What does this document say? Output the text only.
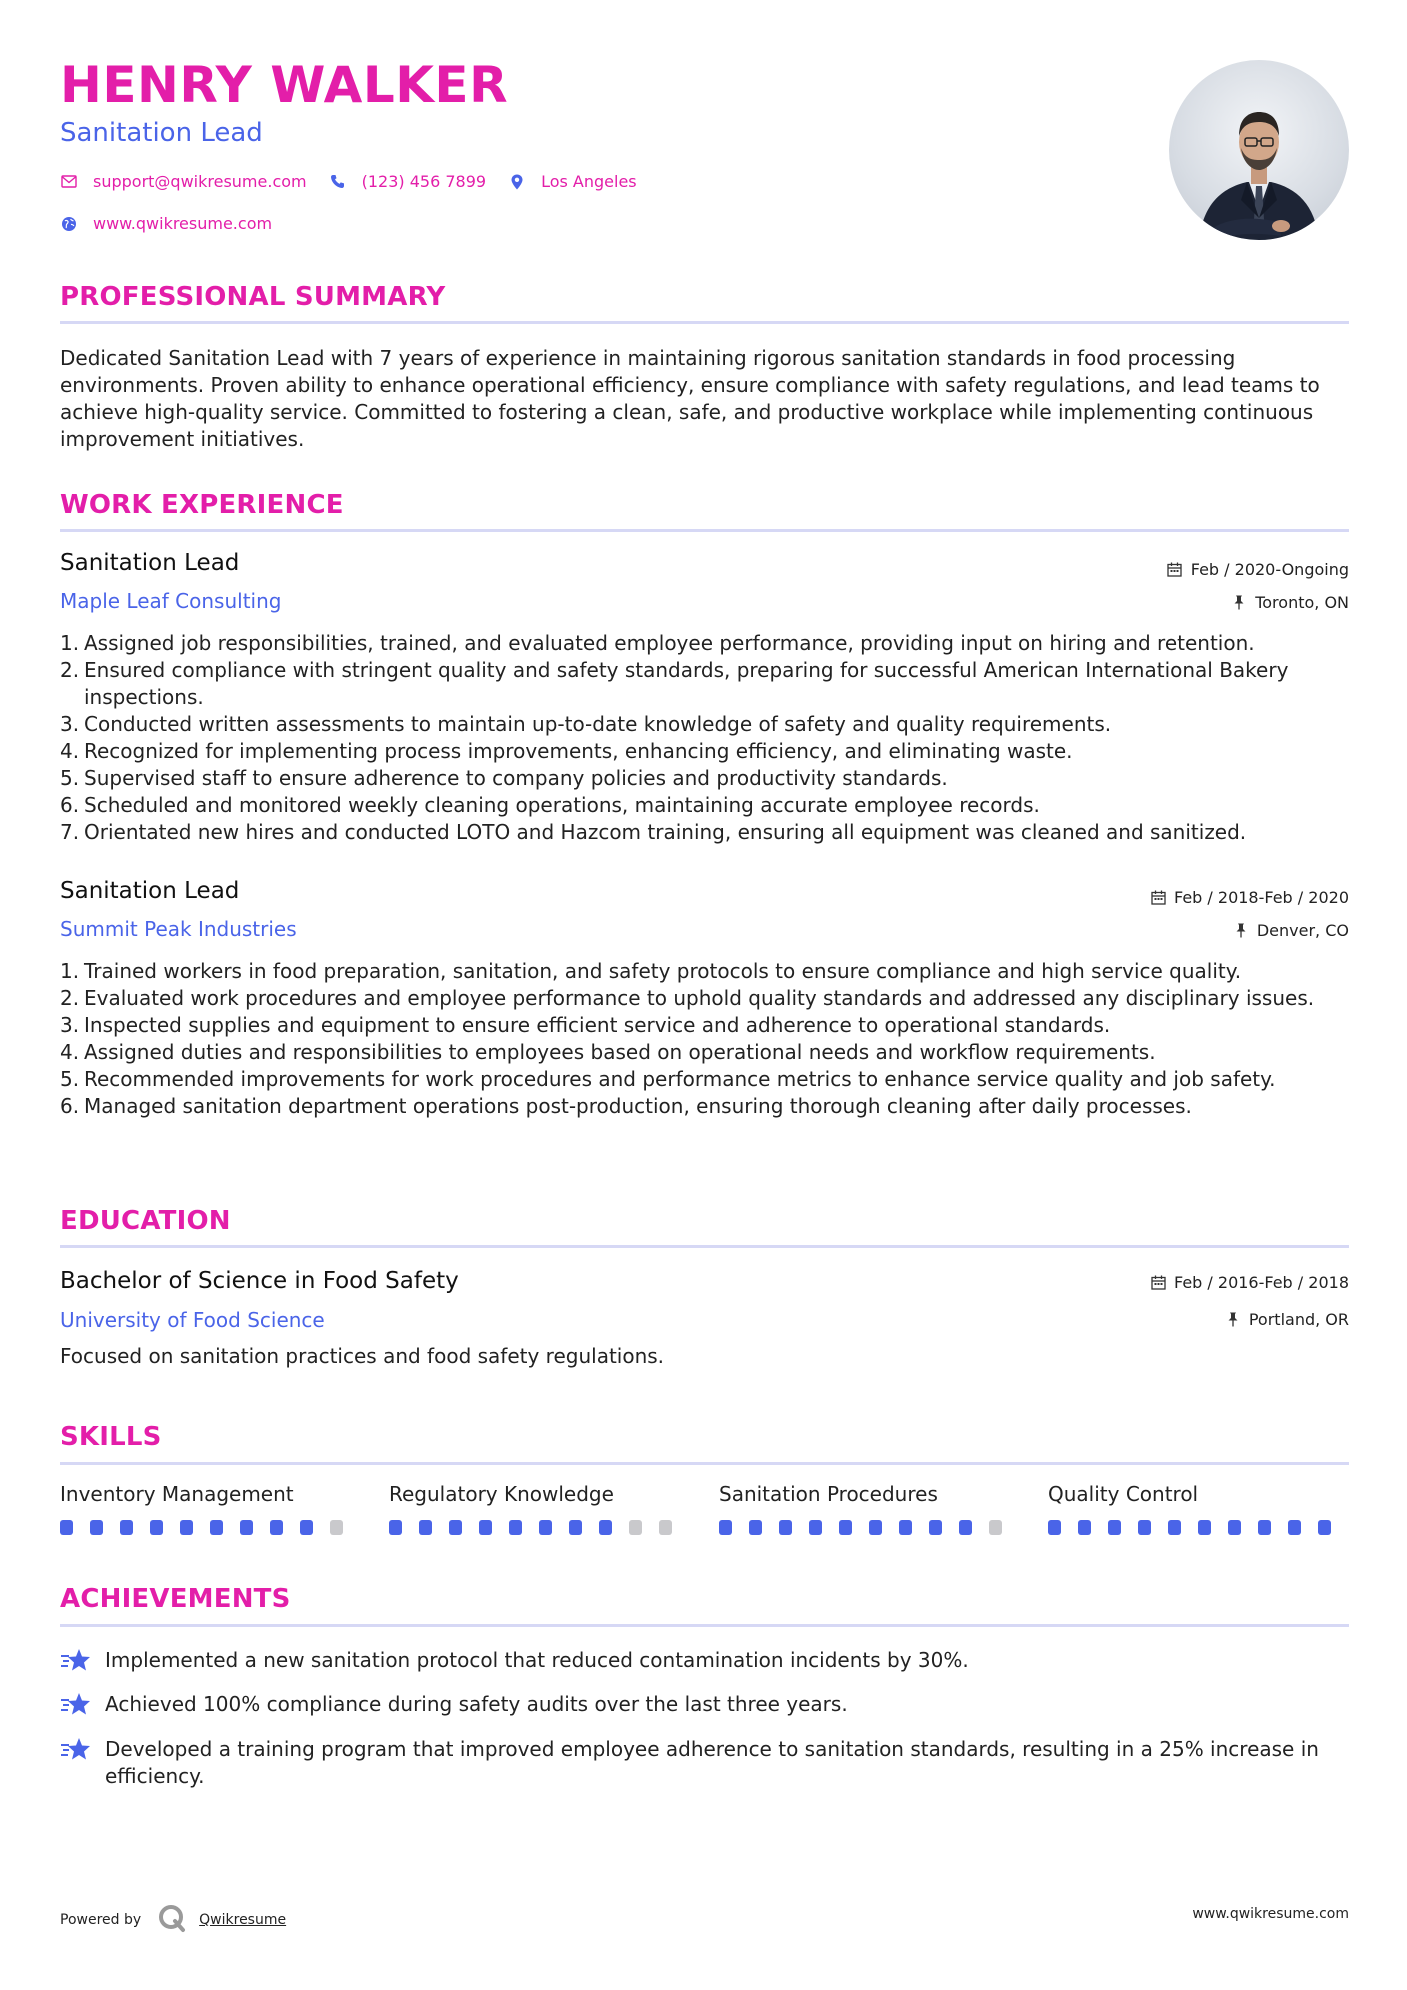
HENRY WALKER
Sanitation Lead
support@qwikresume.com	(123) 456 7899	Los Angeles
www.qwikresume.com
PROFESSIONAL SUMMARY
Dedicated Sanitation Lead with 7 years of experience in maintaining rigorous sanitation standards in food processing environments. Proven ability to enhance operational efficiency, ensure compliance with safety regulations, and lead teams to achieve high-quality service. Committed to fostering a clean, safe, and productive workplace while implementing continuous improvement initiatives.
WORK EXPERIENCE
Sanitation Lead
Maple Leaf Consulting
Feb / 2020-Ongoing
Toronto, ON
1 . Assigned job responsibilities, trained, and evaluated employee performance, providing input on hiring and retention.
2 . Ensured compliance with stringent quality and safety standards, preparing for successful American International Bakery inspections.
3 . Conducted written assessments to maintain up-to-date knowledge of safety and quality requirements.
4 . Recognized for implementing process improvements, enhancing efficiency, and eliminating waste.
5 . Supervised staff to ensure adherence to company policies and productivity standards.
6 . Scheduled and monitored weekly cleaning operations, maintaining accurate employee records.
7 . Orientated new hires and conducted LOTO and Hazcom training, ensuring all equipment was cleaned and sanitized.
Sanitation Lead
Summit Peak Industries
Feb / 2018-Feb / 2020
Denver, CO
1 . Trained workers in food preparation, sanitation, and safety protocols to ensure compliance and high service quality.
2 . Evaluated work procedures and employee performance to uphold quality standards and addressed any disciplinary issues.
3 . Inspected supplies and equipment to ensure efficient service and adherence to operational standards.
4 . Assigned duties and responsibilities to employees based on operational needs and workflow requirements.
5 . Recommended improvements for work procedures and performance metrics to enhance service quality and job safety.
6 . Managed sanitation department operations post-production, ensuring thorough cleaning after daily processes.
EDUCATION
Bachelor of Science in Food Safety
University of Food Science
Feb / 2016-Feb / 2018
Portland, OR
Focused on sanitation practices and food safety regulations.
SKILLS
Inventory Management	Regulatory Knowledge	Sanitation Procedures	Quality Control
ACHIEVEMENTS
Implemented a new sanitation protocol that reduced contamination incidents by 30%.
Achieved 100% compliance during safety audits over the last three years.
Developed a training program that improved employee adherence to sanitation standards, resulting in a 25% increase in efficiency.
Powered by	Qwikresume	www.qwikresume.com
